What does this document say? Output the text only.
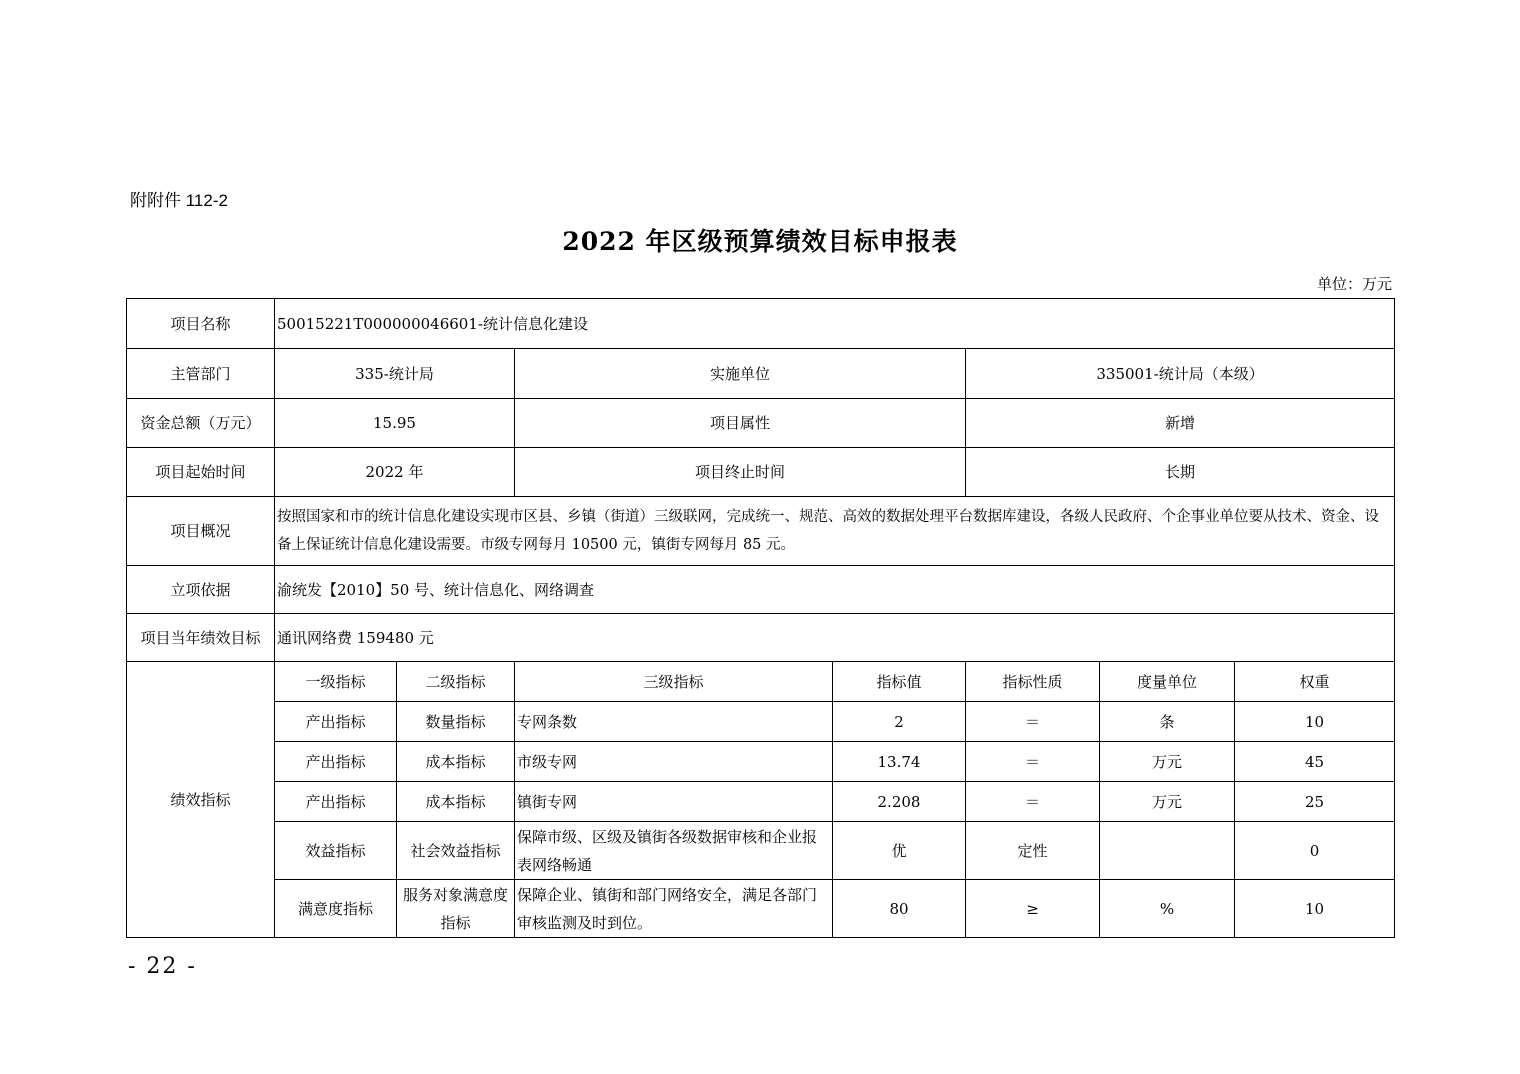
附附件 112-2
2022 年区级预算绩效目标申报表
单位：万元
项目名称	50015221T000000046601-统计信息化建设						
主管部门	335-统计局		实施单位		335001-统计局（本级）		
资金总额（万元）	15.95		项目属性		新增		
项目起始时间	2022 年		项目终止时间		长期		
项目概况	按照国家和市的统计信息化建设实现市区县、乡镇（街道）三级联网，完成统一、规范、高效的数据处理平台数据库建设，各级人民政府、个企事业单位要从技术、资金、设备上保证统计信息化建设需要。市级专网每月 10500 元，镇街专网每月 85 元。						
立项依据	渝统发【2010】50 号、统计信息化、网络调查						
项目当年绩效目标	通讯网络费 159480 元						
绩效指标	一级指标	二级指标	三级指标	指标值	指标性质	度量单位	权重
	产出指标	数量指标	专网条数	2	＝	条	10
	产出指标	成本指标	市级专网	13.74	＝	万元	45
	产出指标	成本指标	镇街专网	2.208	＝	万元	25
	效益指标	社会效益指标	保障市级、区级及镇街各级数据审核和企业报表网络畅通	优	定性		0
	满意度指标	服务对象满意度指标	保障企业、镇街和部门网络安全，满足各部门审核监测及时到位。	80	≥	%	10
- 22 -
